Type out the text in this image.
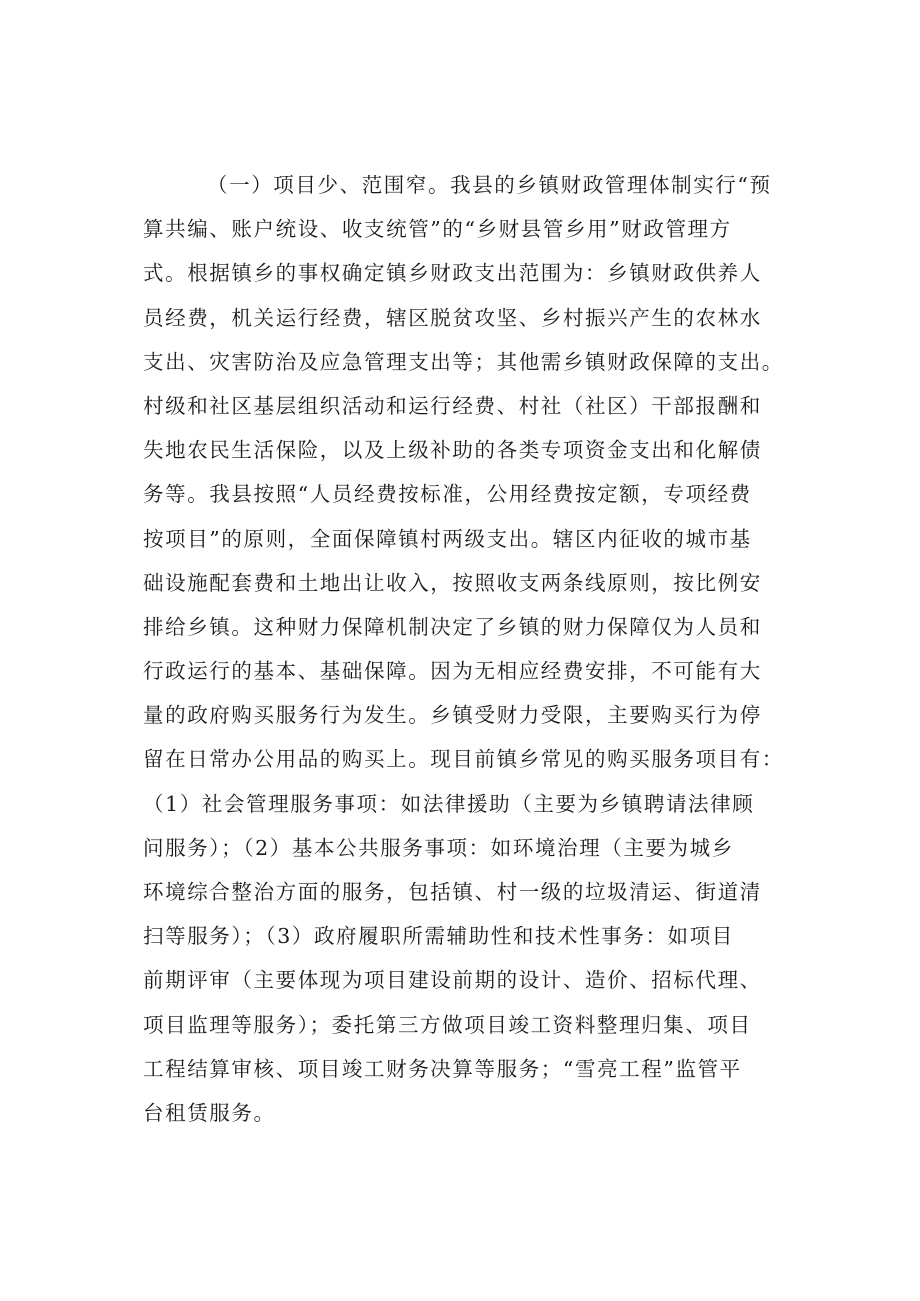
（一）项目少、范围窄。我县的乡镇财政管理体制实行“预
算共编、账户统设、收支统管”的“乡财县管乡用”财政管理方
式。根据镇乡的事权确定镇乡财政支出范围为：乡镇财政供养人
员经费，机关运行经费，辖区脱贫攻坚、乡村振兴产生的农林水
支出、灾害防治及应急管理支出等；其他需乡镇财政保障的支出。
村级和社区基层组织活动和运行经费、村社（社区）干部报酬和
失地农民生活保险，以及上级补助的各类专项资金支出和化解债
务等。我县按照“人员经费按标准，公用经费按定额，专项经费
按项目”的原则，全面保障镇村两级支出。辖区内征收的城市基
础设施配套费和土地出让收入，按照收支两条线原则，按比例安
排给乡镇。这种财力保障机制决定了乡镇的财力保障仅为人员和
行政运行的基本、基础保障。因为无相应经费安排，不可能有大
量的政府购买服务行为发生。乡镇受财力受限，主要购买行为停
留在日常办公用品的购买上。现目前镇乡常见的购买服务项目有：
（1）社会管理服务事项：如法律援助（主要为乡镇聘请法律顾
问服务）；（2）基本公共服务事项：如环境治理（主要为城乡
环境综合整治方面的服务，包括镇、村一级的垃圾清运、街道清
扫等服务）；（3）政府履职所需辅助性和技术性事务：如项目
前期评审（主要体现为项目建设前期的设计、造价、招标代理、
项目监理等服务）；委托第三方做项目竣工资料整理归集、项目
工程结算审核、项目竣工财务决算等服务；“雪亮工程”监管平
台租赁服务。
